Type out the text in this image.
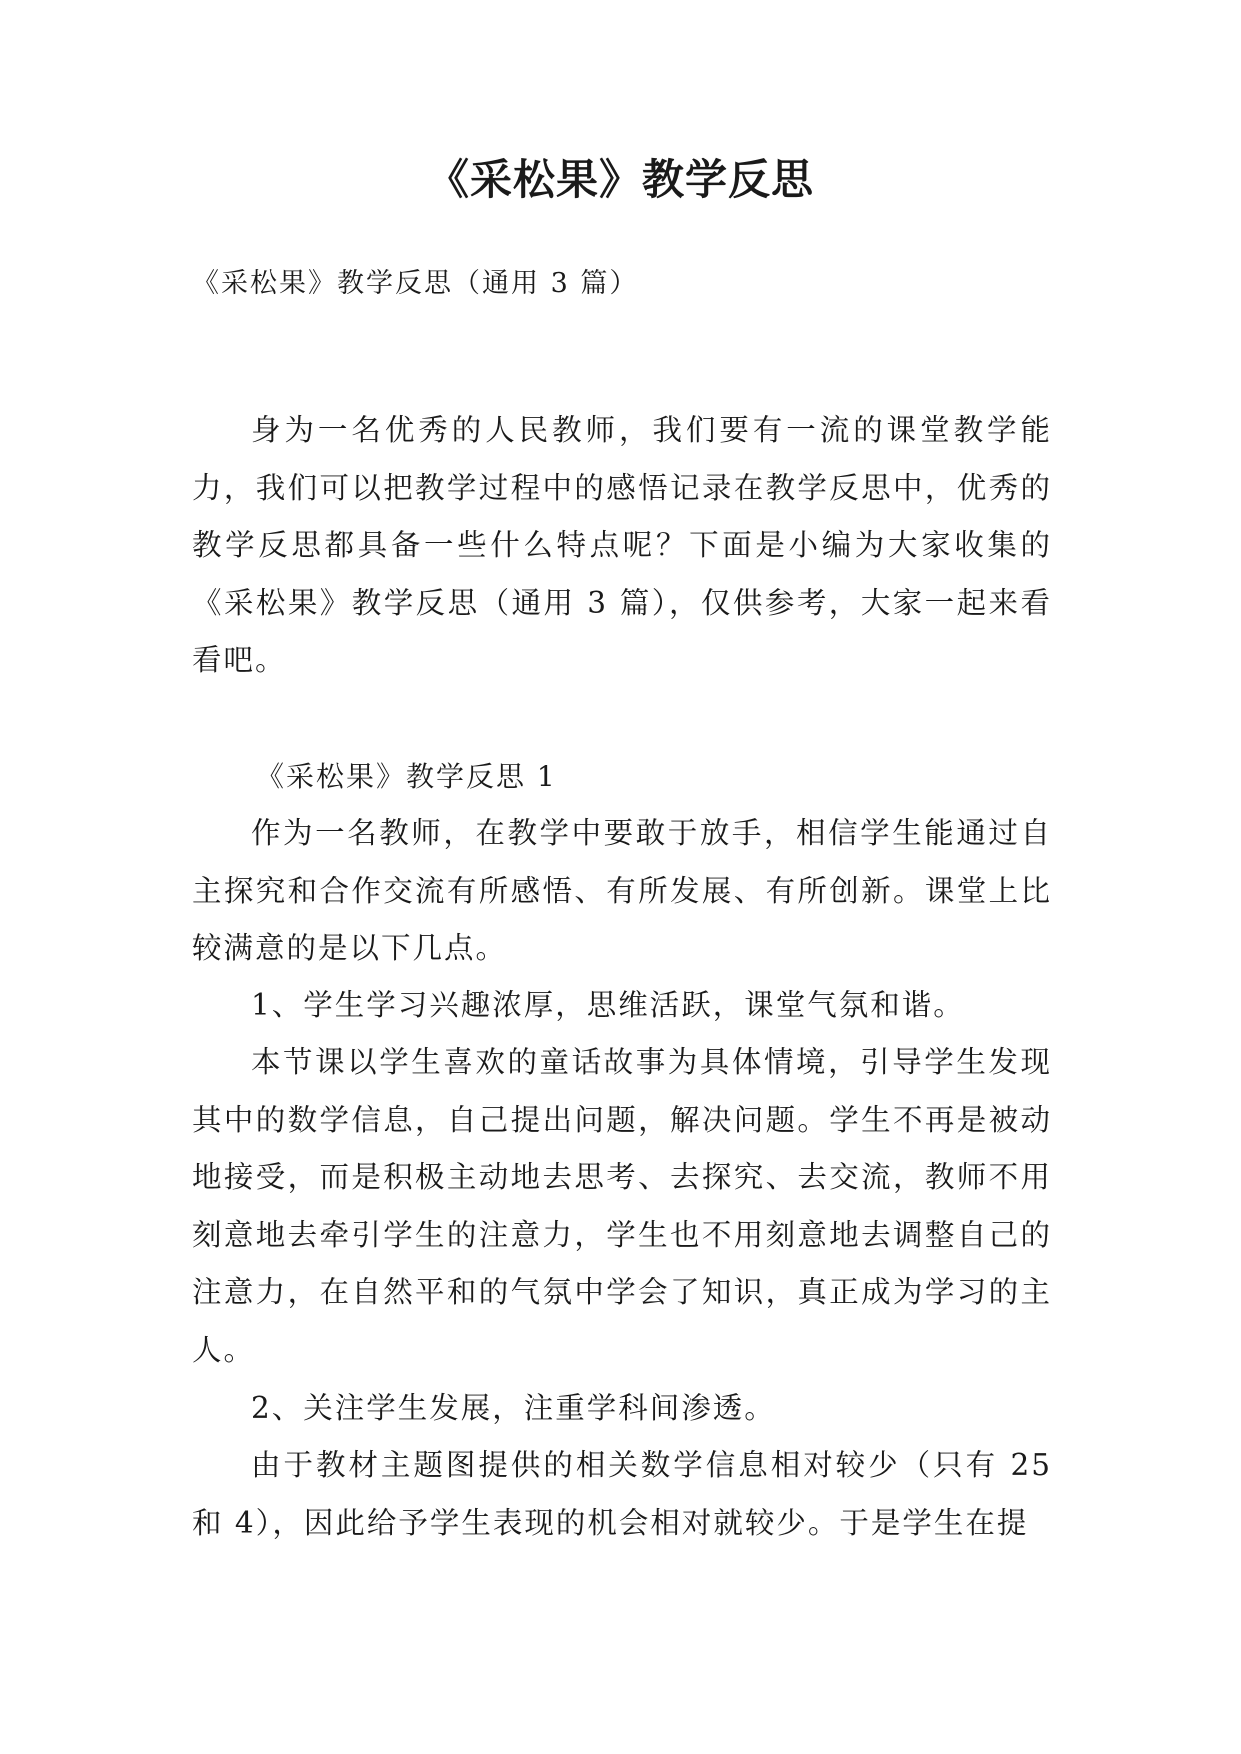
《采松果》教学反思

《采松果》教学反思（通用 3 篇）

身为一名优秀的人民教师，我们要有一流的课堂教学能力，我们可以把教学过程中的感悟记录在教学反思中，优秀的教学反思都具备一些什么特点呢？下面是小编为大家收集的《采松果》教学反思（通用 3 篇），仅供参考，大家一起来看看吧。

《采松果》教学反思 1

作为一名教师，在教学中要敢于放手，相信学生能通过自主探究和合作交流有所感悟、有所发展、有所创新。课堂上比较满意的是以下几点。

1、学生学习兴趣浓厚，思维活跃，课堂气氛和谐。

本节课以学生喜欢的童话故事为具体情境，引导学生发现其中的数学信息，自己提出问题，解决问题。学生不再是被动地接受，而是积极主动地去思考、去探究、去交流，教师不用刻意地去牵引学生的注意力，学生也不用刻意地去调整自己的注意力，在自然平和的气氛中学会了知识，真正成为学习的主人。

2、关注学生发展，注重学科间渗透。

由于教材主题图提供的相关数学信息相对较少（只有 25 和 4），因此给予学生表现的机会相对就较少。于是学生在提
